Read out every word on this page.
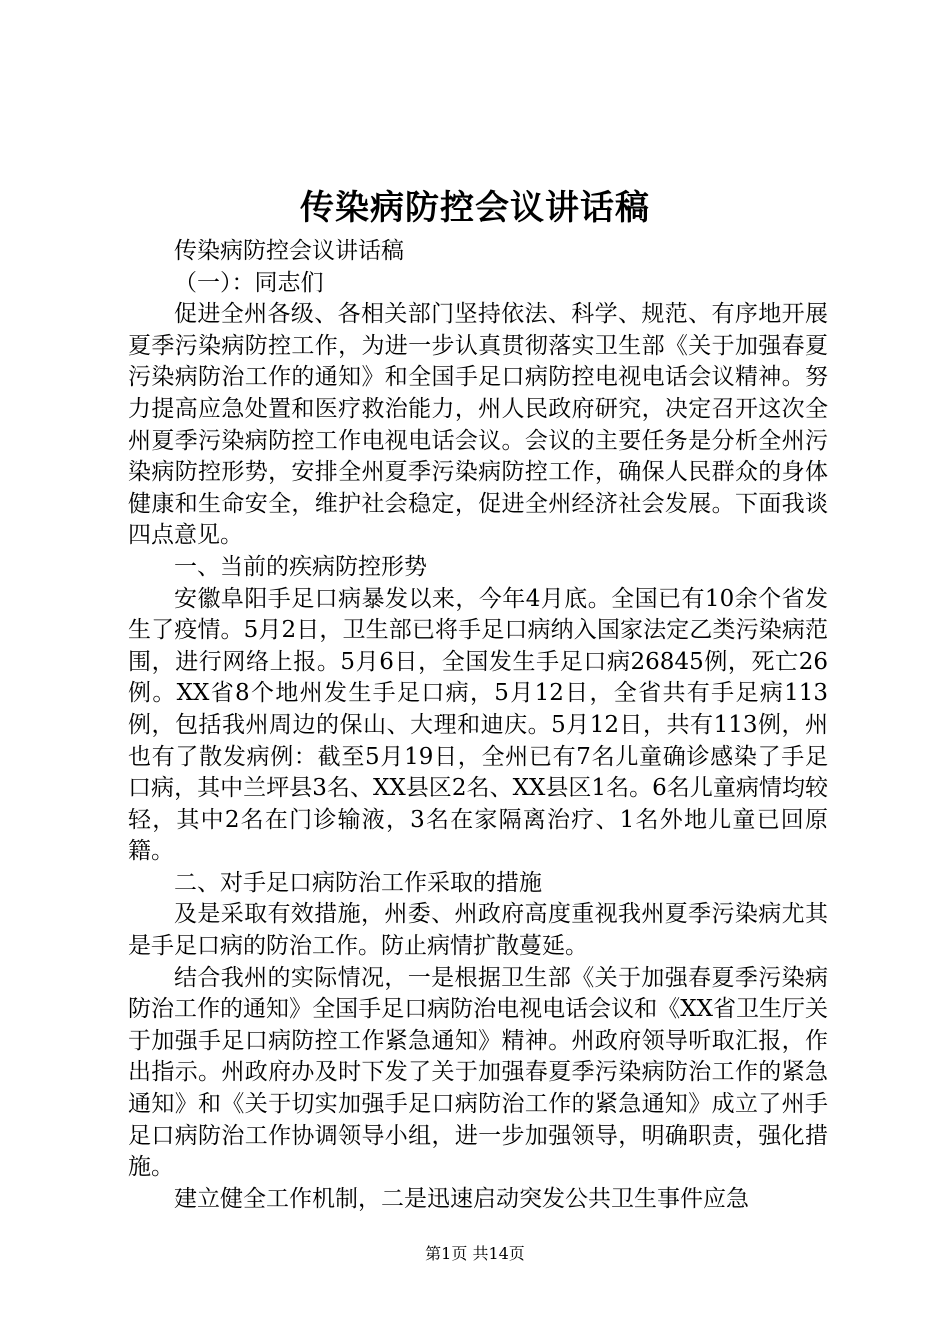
传染病防控会议讲话稿

传染病防控会议讲话稿

（一）：同志们

促进全州各级、各相关部门坚持依法、科学、规范、有序地开展夏季污染病防控工作，为进一步认真贯彻落实卫生部《关于加强春夏污染病防治工作的通知》和全国手足口病防控电视电话会议精神。努力提高应急处置和医疗救治能力，州人民政府研究，决定召开这次全州夏季污染病防控工作电视电话会议。会议的主要任务是分析全州污染病防控形势，安排全州夏季污染病防控工作，确保人民群众的身体健康和生命安全，维护社会稳定，促进全州经济社会发展。下面我谈四点意见。

一、当前的疾病防控形势

安徽阜阳手足口病暴发以来，今年4月底。全国已有10余个省发生了疫情。5月2日，卫生部已将手足口病纳入国家法定乙类污染病范围，进行网络上报。5月6日，全国发生手足口病26845例，死亡26例。XX省8个地州发生手足口病，5月12日，全省共有手足病113例，包括我州周边的保山、大理和迪庆。5月12日，共有113例，州也有了散发病例：截至5月19日，全州已有7名儿童确诊感染了手足口病，其中兰坪县3名、XX县区2名、XX县区1名。6名儿童病情均较轻，其中2名在门诊输液，3名在家隔离治疗、1名外地儿童已回原籍。

二、对手足口病防治工作采取的措施

及是采取有效措施，州委、州政府高度重视我州夏季污染病尤其是手足口病的防治工作。防止病情扩散蔓延。

结合我州的实际情况，一是根据卫生部《关于加强春夏季污染病防治工作的通知》全国手足口病防治电视电话会议和《XX省卫生厅关于加强手足口病防控工作紧急通知》精神。州政府领导听取汇报，作出指示。州政府办及时下发了关于加强春夏季污染病防治工作的紧急通知》和《关于切实加强手足口病防治工作的紧急通知》成立了州手足口病防治工作协调领导小组，进一步加强领导，明确职责，强化措施。

建立健全工作机制，二是迅速启动突发公共卫生事件应急

第1页 共14页
